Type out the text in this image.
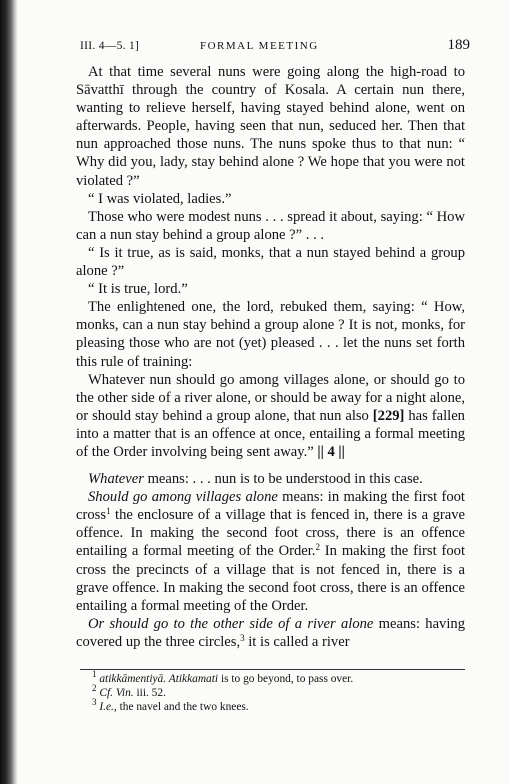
III. 4—5. 1]	FORMAL MEETING	189

At that time several nuns were going along the high-road to Sāvatthī through the country of Kosala. A certain nun there, wanting to relieve herself, having stayed behind alone, went on afterwards. People, having seen that nun, seduced her. Then that nun approached those nuns. The nuns spoke thus to that nun: “ Why did you, lady, stay behind alone ? We hope that you were not violated ?”

“ I was violated, ladies.”

Those who were modest nuns . . . spread it about, saying: “ How can a nun stay behind a group alone ?” . . .

“ Is it true, as is said, monks, that a nun stayed behind a group alone ?”

“ It is true, lord.”

The enlightened one, the lord, rebuked them, saying: “ How, monks, can a nun stay behind a group alone ? It is not, monks, for pleasing those who are not (yet) pleased . . . let the nuns set forth this rule of training:

Whatever nun should go among villages alone, or should go to the other side of a river alone, or should be away for a night alone, or should stay behind a group alone, that nun also [229] has fallen into a matter that is an offence at once, entailing a formal meeting of the Order involving being sent away.” || 4 ||

Whatever means: . . . nun is to be understood in this case.

Should go among villages alone means: in making the first foot cross$^1$ the enclosure of a village that is fenced in, there is a grave offence. In making the second foot cross, there is an offence entailing a formal meeting of the Order.$^2$ In making the first foot cross the precincts of a village that is not fenced in, there is a grave offence. In making the second foot cross, there is an offence entailing a formal meeting of the Order.

Or should go to the other side of a river alone means: having covered up the three circles,$^3$ it is called a river

$^1$ atikkāmentiyā. Atikkamati is to go beyond, to pass over.
$^2$ Cf. Vin. iii. 52.
$^3$ I.e., the navel and the two knees.
